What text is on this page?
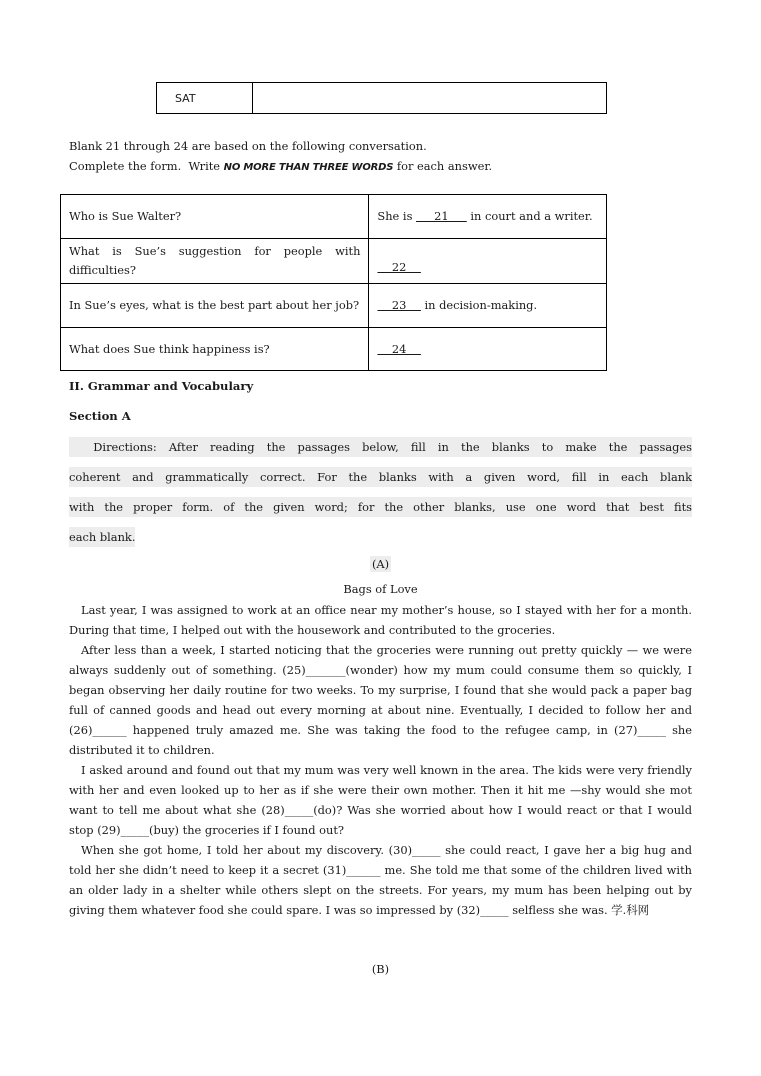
SAT	
Blank 21 through 24 are based on the following conversation.
Complete the form.  Write NO MORE THAN THREE WORDS for each answer.
Who is Sue Walter?	She is      21      in court and a writer.
What is Sue’s suggestion for people with difficulties?	22
In Sue’s eyes, what is the best part about her job?	23     in decision-making.
What does Sue think happiness is?	24
II. Grammar and Vocabulary
Section A
Directions: After reading the passages below, fill in the blanks to make the passages
coherent and grammatically correct. For the blanks with a given word, fill in each blank
with the proper form. of the given word; for the other blanks, use one word that best fits
each blank.
(A)
Bags of Love

Last year, I was assigned to work at an office near my mother’s house, so I stayed with her for a month. During that time, I helped out with the housework and contributed to the groceries.

After less than a week, I started noticing that the groceries were running out pretty quickly — we were always suddenly out of something. (25)_______(wonder) how my mum could consume them so quickly, I began observing her daily routine for two weeks. To my surprise, I found that she would pack a paper bag full of canned goods and head out every morning at about nine. Eventually, I decided to follow her and (26)______ happened truly amazed me. She was taking the food to the refugee camp, in (27)_____ she distributed it to children.

I asked around and found out that my mum was very well known in the area. The kids were very friendly with her and even looked up to her as if she were their own mother. Then it hit me —shy would she mot want to tell me about what she (28)_____(do)? Was she worried about how I would react or that I would stop (29)_____(buy) the groceries if I found out?

When she got home, I told her about my discovery. (30)_____ she could react, I gave her a big hug and told her she didn’t need to keep it a secret (31)______ me. She told me that some of the children lived with an older lady in a shelter while others slept on the streets. For years, my mum has been helping out by giving them whatever food she could spare. I was so impressed by (32)_____ selfless she was. 学.科网

(B)
